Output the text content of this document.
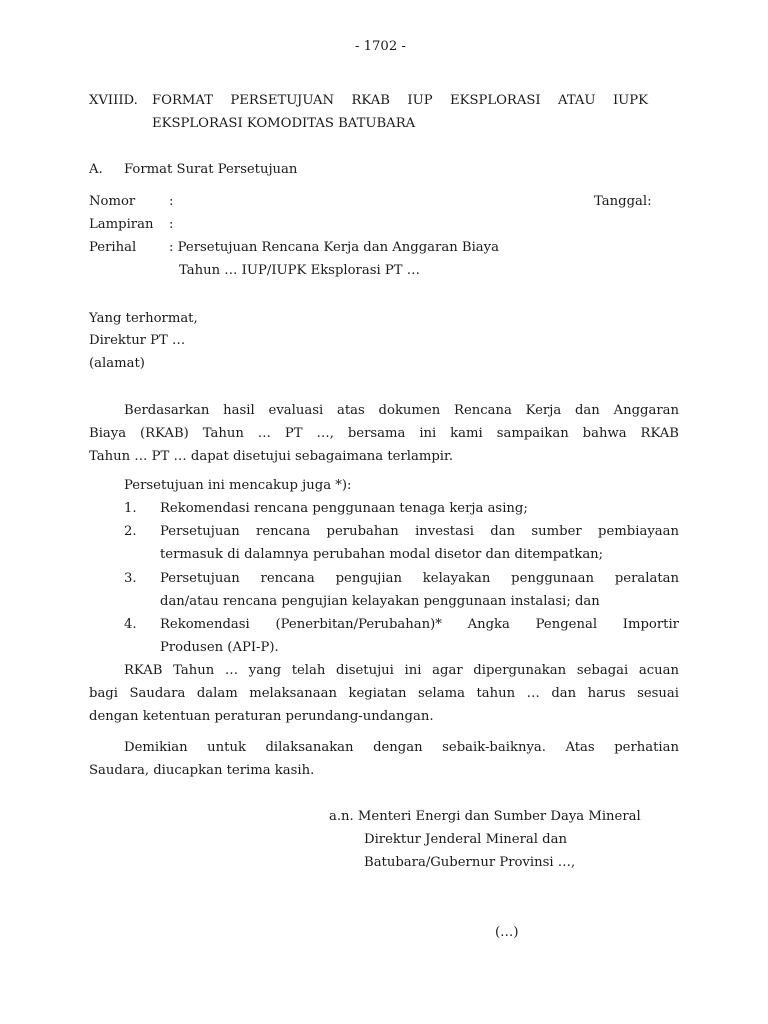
- 1702 -
XVIIID. FORMAT PERSETUJUAN RKAB IUP EKSPLORASI ATAU IUPK
EKSPLORASI KOMODITAS BATUBARA
A. Format Surat Persetujuan
Nomor	:	Tanggal:
Lampiran :
Perihal : Persetujuan Rencana Kerja dan Anggaran Biaya
Tahun … IUP/IUPK Eksplorasi PT …
Yang terhormat,
Direktur PT …
(alamat)
Berdasarkan hasil evaluasi atas dokumen Rencana Kerja dan Anggaran
Biaya (RKAB) Tahun … PT …, bersama ini kami sampaikan bahwa RKAB
Tahun … PT … dapat disetujui sebagaimana terlampir.
Persetujuan ini mencakup juga *):
1. Rekomendasi rencana penggunaan tenaga kerja asing;
2. Persetujuan rencana perubahan investasi dan sumber pembiayaan
termasuk di dalamnya perubahan modal disetor dan ditempatkan;
3. Persetujuan rencana pengujian kelayakan penggunaan peralatan
dan/atau rencana pengujian kelayakan penggunaan instalasi; dan
4. Rekomendasi (Penerbitan/Perubahan)* Angka Pengenal Importir
Produsen (API-P).
RKAB Tahun … yang telah disetujui ini agar dipergunakan sebagai acuan
bagi Saudara dalam melaksanaan kegiatan selama tahun … dan harus sesuai
dengan ketentuan peraturan perundang-undangan.
Demikian untuk dilaksanakan dengan sebaik-baiknya. Atas perhatian
Saudara, diucapkan terima kasih.
a.n. Menteri Energi dan Sumber Daya Mineral
Direktur Jenderal Mineral dan
Batubara/Gubernur Provinsi …,
(…)
